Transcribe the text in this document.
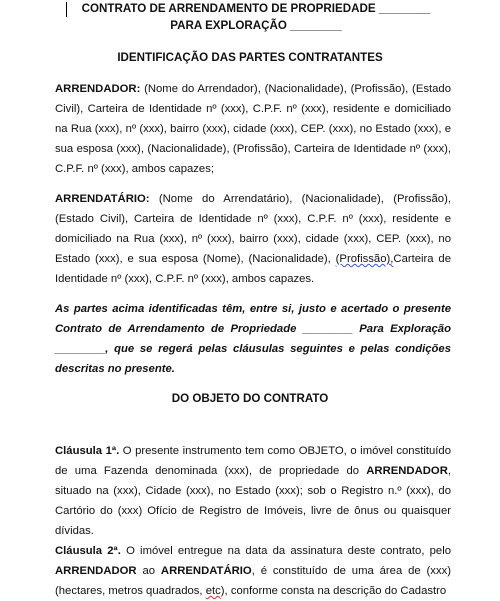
CONTRATO DE ARRENDAMENTO DE PROPRIEDADE ________ PARA EXPLORAÇÃO ________
IDENTIFICAÇÃO DAS PARTES CONTRATANTES
ARRENDADOR: (Nome do Arrendador), (Nacionalidade), (Profissão), (Estado Civil), Carteira de Identidade nº (xxx), C.P.F. nº (xxx), residente e domiciliado na Rua (xxx), nº (xxx), bairro (xxx), cidade (xxx), CEP. (xxx), no Estado (xxx), e sua esposa (xxx), (Nacionalidade), (Profissão), Carteira de Identidade nº (xxx), C.P.F. nº (xxx), ambos capazes;
ARRENDATÁRIO: (Nome do Arrendatário), (Nacionalidade), (Profissão), (Estado Civil), Carteira de Identidade nº (xxx), C.P.F. nº (xxx), residente e domiciliado na Rua (xxx), nº (xxx), bairro (xxx), cidade (xxx), CEP. (xxx), no Estado (xxx), e sua esposa (Nome), (Nacionalidade), (Profissão),Carteira de Identidade nº (xxx), C.P.F. nº (xxx), ambos capazes.
As partes acima identificadas têm, entre si, justo e acertado o presente Contrato de Arrendamento de Propriedade ________ Para Exploração ________, que se regerá pelas cláusulas seguintes e pelas condições descritas no presente.
DO OBJETO DO CONTRATO
Cláusula 1ª. O presente instrumento tem como OBJETO, o imóvel constituído de uma Fazenda denominada (xxx), de propriedade do ARRENDADOR, situado na (xxx), Cidade (xxx), no Estado (xxx); sob o Registro n.º (xxx), do Cartório do (xxx) Ofício de Registro de Imóveis, livre de ônus ou quaisquer dívidas.
Cláusula 2ª. O imóvel entregue na data da assinatura deste contrato, pelo ARRENDADOR ao ARRENDATÁRIO, é constituído de uma área de (xxx) (hectares, metros quadrados, etc), conforme consta na descrição do Cadastro
